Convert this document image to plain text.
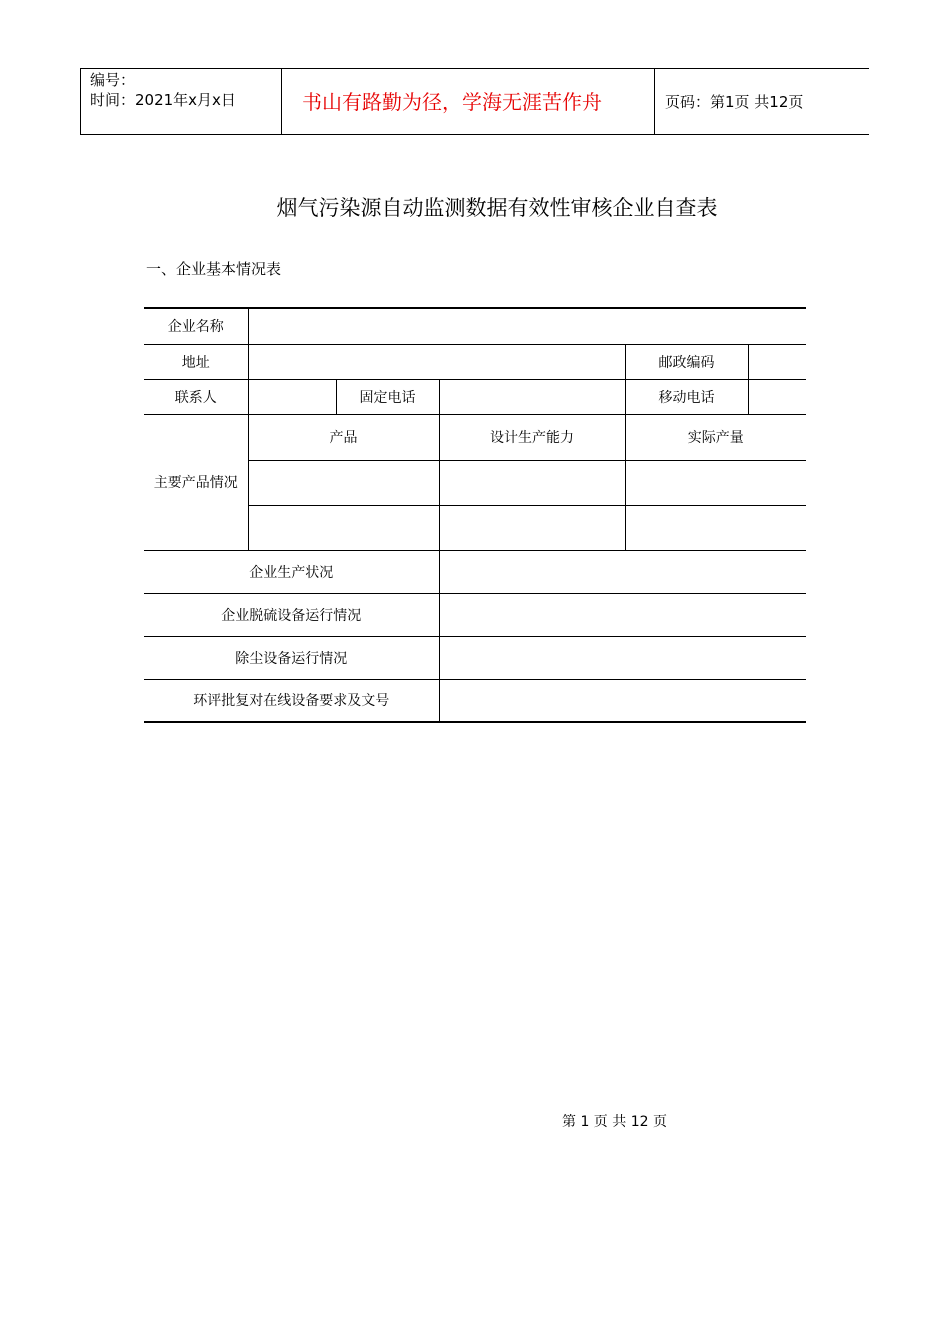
编号：
时间：2021年x月x日	书山有路勤为径，学海无涯苦作舟	页码：第1页 共12页
烟气污染源自动监测数据有效性审核企业自查表
一、企业基本情况表
企业名称					
地址				邮政编码	
联系人		固定电话		移动电话	
主要产品情况	产品		设计生产能力	实际产量	

企业生产状况					
企业脱硫设备运行情况					
除尘设备运行情况					
环评批复对在线设备要求及文号					
第 1 页 共 12 页
